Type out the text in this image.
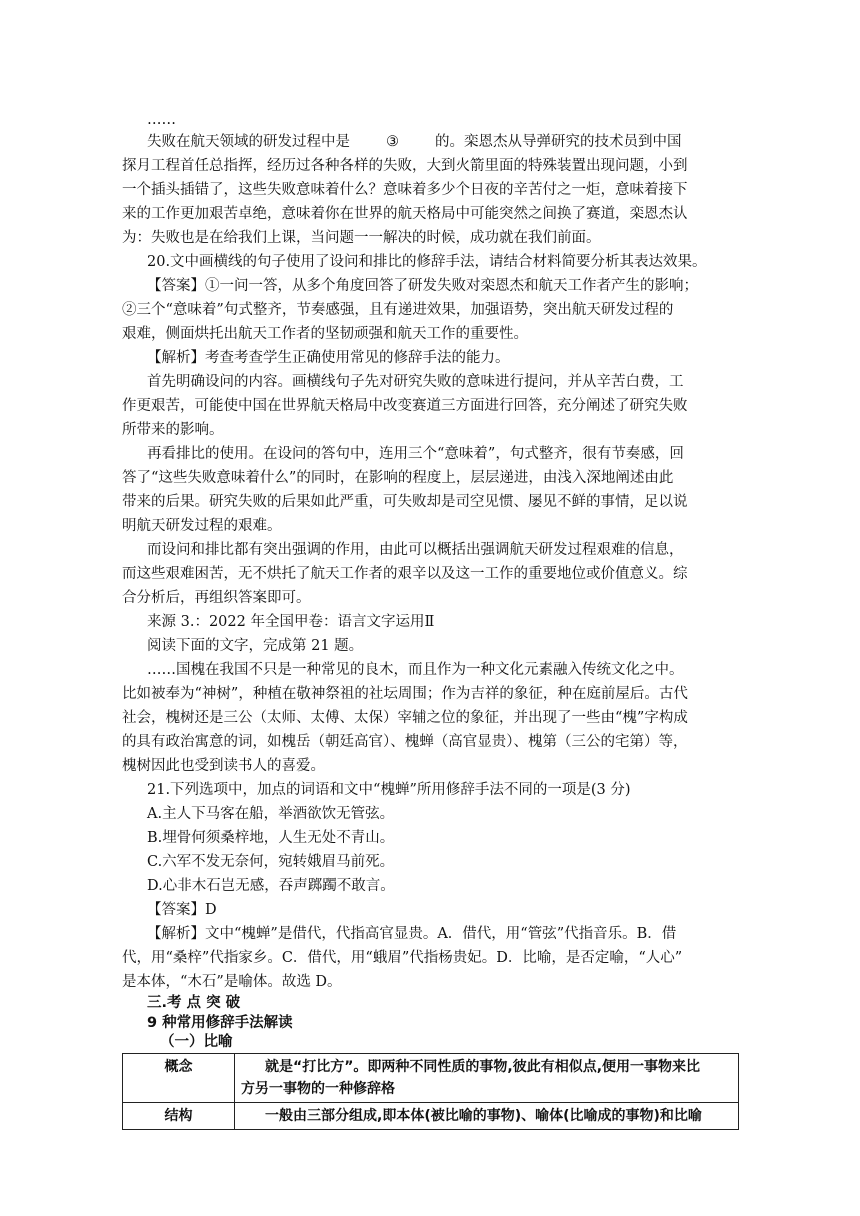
……
失败在航天领域的研发过程中是 ③ 的。栾恩杰从导弹研究的技术员到中国
探月工程首任总指挥，经历过各种各样的失败，大到火箭里面的特殊装置出现问题，小到
一个插头插错了，这些失败意味着什么？意味着多少个日夜的辛苦付之一炬，意味着接下
来的工作更加艰苦卓绝，意味着你在世界的航天格局中可能突然之间换了赛道，栾恩杰认
为：失败也是在给我们上课，当问题一一解决的时候，成功就在我们前面。
20.文中画横线的句子使用了设问和排比的修辞手法，请结合材料简要分析其表达效果。
【答案】①一问一答，从多个角度回答了研发失败对栾恩杰和航天工作者产生的影响；
②三个“意味着”句式整齐，节奏感强，且有递进效果，加强语势，突出航天研发过程的
艰难，侧面烘托出航天工作者的坚韧顽强和航天工作的重要性。
【解析】考查考查学生正确使用常见的修辞手法的能力。
首先明确设问的内容。画横线句子先对研究失败的意味进行提问，并从辛苦白费，工
作更艰苦，可能使中国在世界航天格局中改变赛道三方面进行回答，充分阐述了研究失败
所带来的影响。
再看排比的使用。在设问的答句中，连用三个“意味着”，句式整齐，很有节奏感，回
答了“这些失败意味着什么”的同时，在影响的程度上，层层递进，由浅入深地阐述由此
带来的后果。研究失败的后果如此严重，可失败却是司空见惯、屡见不鲜的事情，足以说
明航天研发过程的艰难。
而设问和排比都有突出强调的作用，由此可以概括出强调航天研发过程艰难的信息，
而这些艰难困苦，无不烘托了航天工作者的艰辛以及这一工作的重要地位或价值意义。综
合分析后，再组织答案即可。
来源 3.：2022 年全国甲卷：语言文字运用Ⅱ
阅读下面的文字，完成第 21 题。
……国槐在我国不只是一种常见的良木，而且作为一种文化元素融入传统文化之中。
比如被奉为“神树”，种植在敬神祭祖的社坛周围；作为吉祥的象征，种在庭前屋后。古代
社会，槐树还是三公（太师、太傅、太保）宰辅之位的象征，并出现了一些由“槐”字构成
的具有政治寓意的词，如槐岳（朝廷高官）、槐蝉（高官显贵）、槐第（三公的宅第）等，
槐树因此也受到读书人的喜爱。
21.下列选项中，加点的词语和文中“槐蝉”所用修辞手法不同的一项是(3 分)
A.主人下马客在船，举酒欲饮无管弦。
B.埋骨何须桑梓地，人生无处不青山。
C.六军不发无奈何，宛转娥眉马前死。
D.心非木石岂无感，吞声踯躅不敢言。
【答案】D
【解析】文中“槐蝉”是借代，代指高官显贵。A．借代，用“管弦”代指音乐。B．借
代，用“桑梓”代指家乡。C．借代，用“蛾眉”代指杨贵妃。D．比喻，是否定喻，“人心”
是本体，“木石”是喻体。故选 D。
三.考 点 突 破
9 种常用修辞手法解读
概念	就是“打比方”。即两种不同性质的事物,彼此有相似点,便用一事物来比
方另一事物的一种修辞格
结构	一般由三部分组成,即本体(被比喻的事物)、喻体(比喻成的事物)和比喻
（一）比喻
